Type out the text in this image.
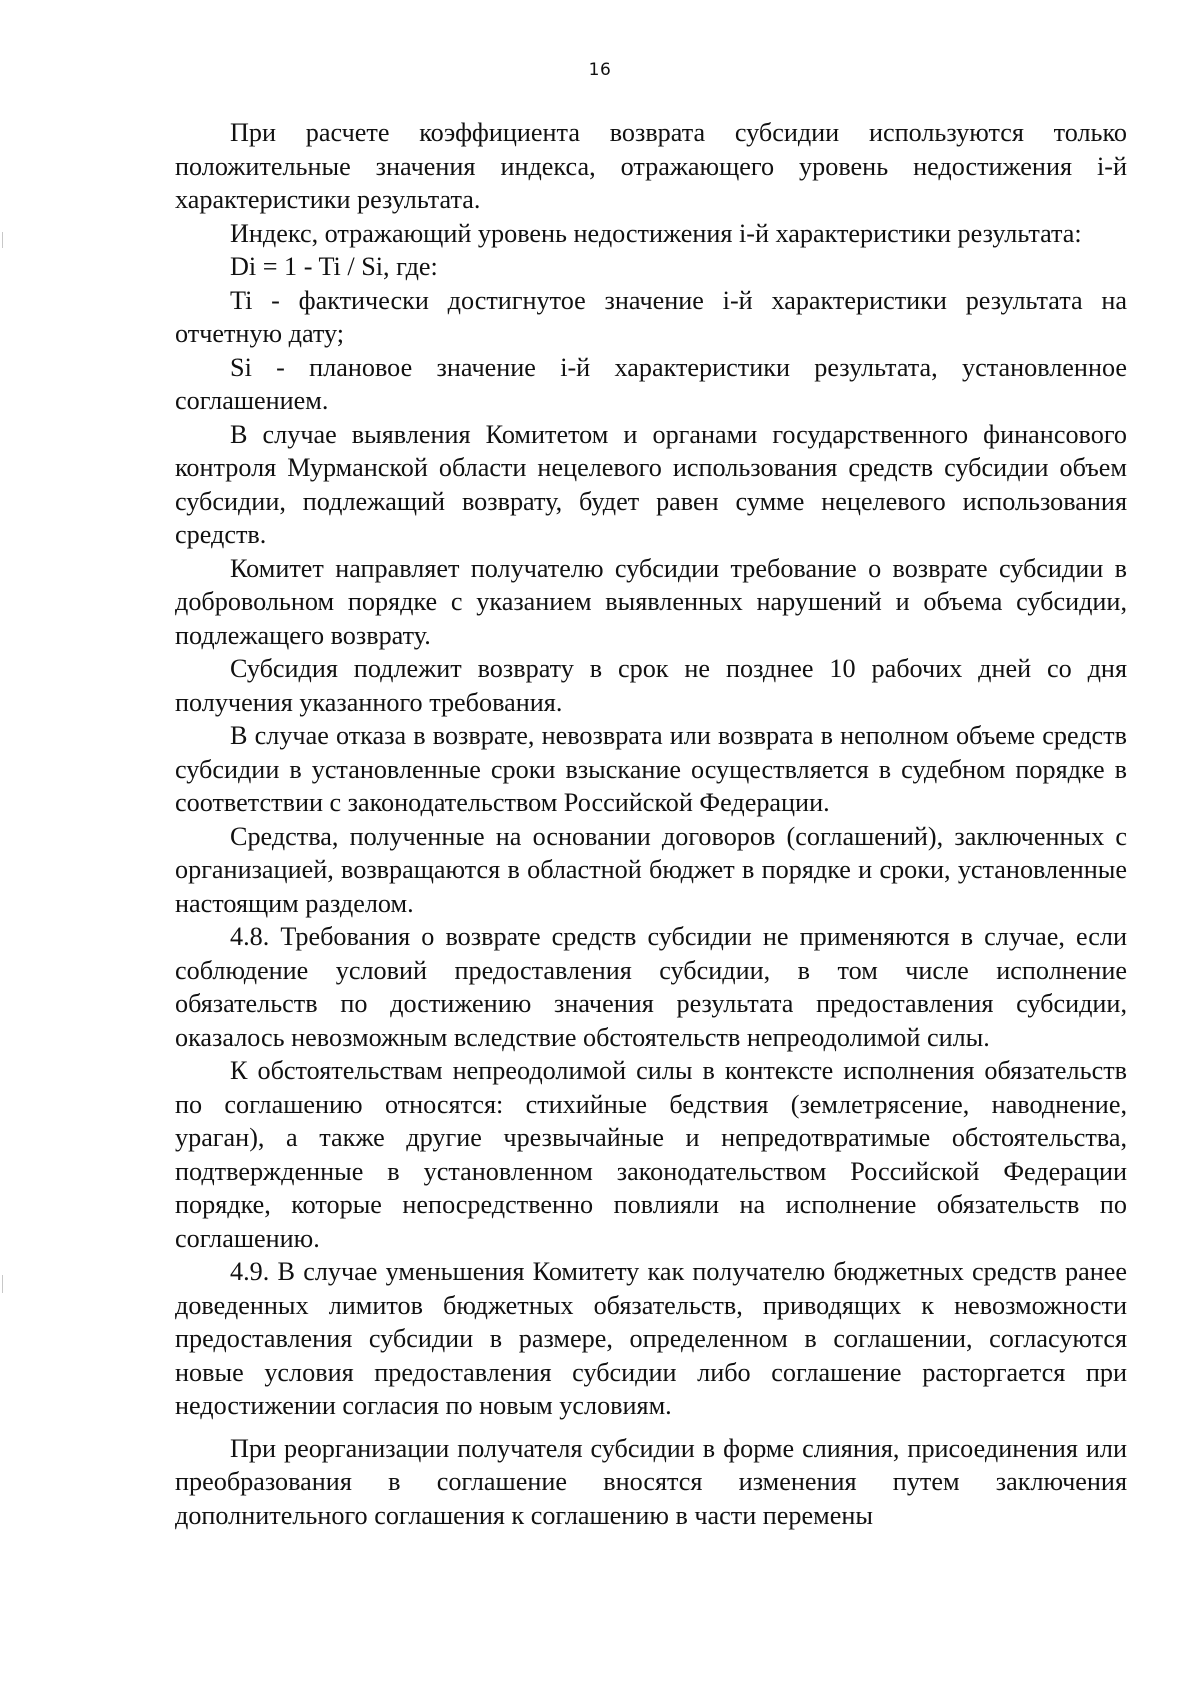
16

При расчете коэффициента возврата субсидии используются только положительные значения индекса, отражающего уровень недостижения i-й характеристики результата.

Индекс, отражающий уровень недостижения i-й характеристики результата:

Di = 1 - Ti / Si, где:

Ti - фактически достигнутое значение i-й характеристики результата на отчетную дату;

Si - плановое значение i-й характеристики результата, установленное соглашением.

В случае выявления Комитетом и органами государственного финансового контроля Мурманской области нецелевого использования средств субсидии объем субсидии, подлежащий возврату, будет равен сумме нецелевого использования средств.

Комитет направляет получателю субсидии требование о возврате субсидии в добровольном порядке с указанием выявленных нарушений и объема субсидии, подлежащего возврату.

Субсидия подлежит возврату в срок не позднее 10 рабочих дней со дня получения указанного требования.

В случае отказа в возврате, невозврата или возврата в неполном объеме средств субсидии в установленные сроки взыскание осуществляется в судебном порядке в соответствии с законодательством Российской Федерации.

Средства, полученные на основании договоров (соглашений), заключенных с организацией, возвращаются в областной бюджет в порядке и сроки, установленные настоящим разделом.

4.8. Требования о возврате средств субсидии не применяются в случае, если соблюдение условий предоставления субсидии, в том числе исполнение обязательств по достижению значения результата предоставления субсидии, оказалось невозможным вследствие обстоятельств непреодолимой силы.

К обстоятельствам непреодолимой силы в контексте исполнения обязательств по соглашению относятся: стихийные бедствия (землетрясение, наводнение, ураган), а также другие чрезвычайные и непредотвратимые обстоятельства, подтвержденные в установленном законодательством Российской Федерации порядке, которые непосредственно повлияли на исполнение обязательств по соглашению.

4.9. В случае уменьшения Комитету как получателю бюджетных средств ранее доведенных лимитов бюджетных обязательств, приводящих к невозможности предоставления субсидии в размере, определенном в соглашении, согласуются новые условия предоставления субсидии либо соглашение расторгается при недостижении согласия по новым условиям.

При реорганизации получателя субсидии в форме слияния, присоединения или преобразования в соглашение вносятся изменения путем заключения дополнительного соглашения к соглашению в части перемены
